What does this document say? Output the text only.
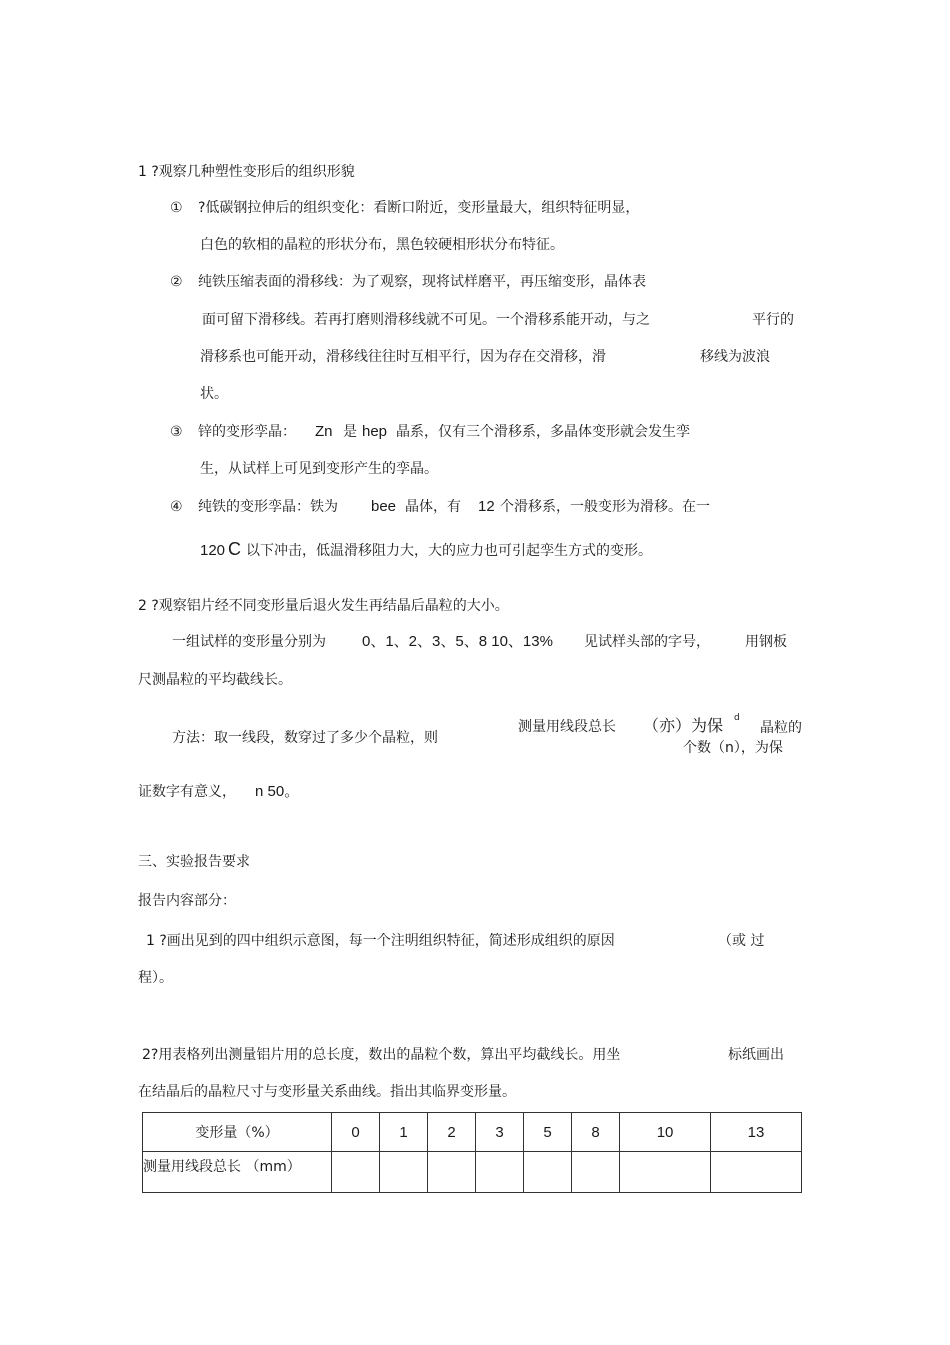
1 ?观察几种塑性变形后的组织形貌
① ?低碳钢拉伸后的组织变化：看断口附近，变形量最大，组织特征明显，
白色的软相的晶粒的形状分布，黑色较硬相形状分布特征。
② 纯铁压缩表面的滑移线：为了观察，现将试样磨平，再压缩变形，晶体表
面可留下滑移线。若再打磨则滑移线就不可见。一个滑移系能开动，与之	平行的
滑移系也可能开动，滑移线往往时互相平行，因为存在交滑移，滑	移线为波浪
状。
③ 锌的变形孪晶： Zn 是 hep 晶系，仅有三个滑移系，多晶体变形就会发生孪
生，从试样上可见到变形产生的孪晶。
④ 纯铁的变形孪晶：铁为 bee 晶体，有 12 个滑移系，一般变形为滑移。在一
120 C 以下冲击，低温滑移阻力大，大的应力也可引起孪生方式的变形。
2 ?观察铝片经不同变形量后退火发生再结晶后晶粒的大小。
一组试样的变形量分别为 0、1、2、3、5、8 10、13% 见试样头部的字号，	用钢板
尺测晶粒的平均截线长。
方法：取一线段，数穿过了多少个晶粒，则
测量用线段总长 （亦）为保 d
晶粒的
个数（n），为保
证数字有意义， n 50。
三、实验报告要求
报告内容部分：
1 ?画出见到的四中组织示意图，每一个注明组织特征，简述形成组织的原因	（或 过
程）。
2?用表格列出测量铝片用的总长度，数出的晶粒个数，算出平均截线长。用坐	标纸画出
在结晶后的晶粒尺寸与变形量关系曲线。指出其临界变形量。
变形量（%）	0	1	2	3	5	8	10	13
测量用线段总长 （mm）								
